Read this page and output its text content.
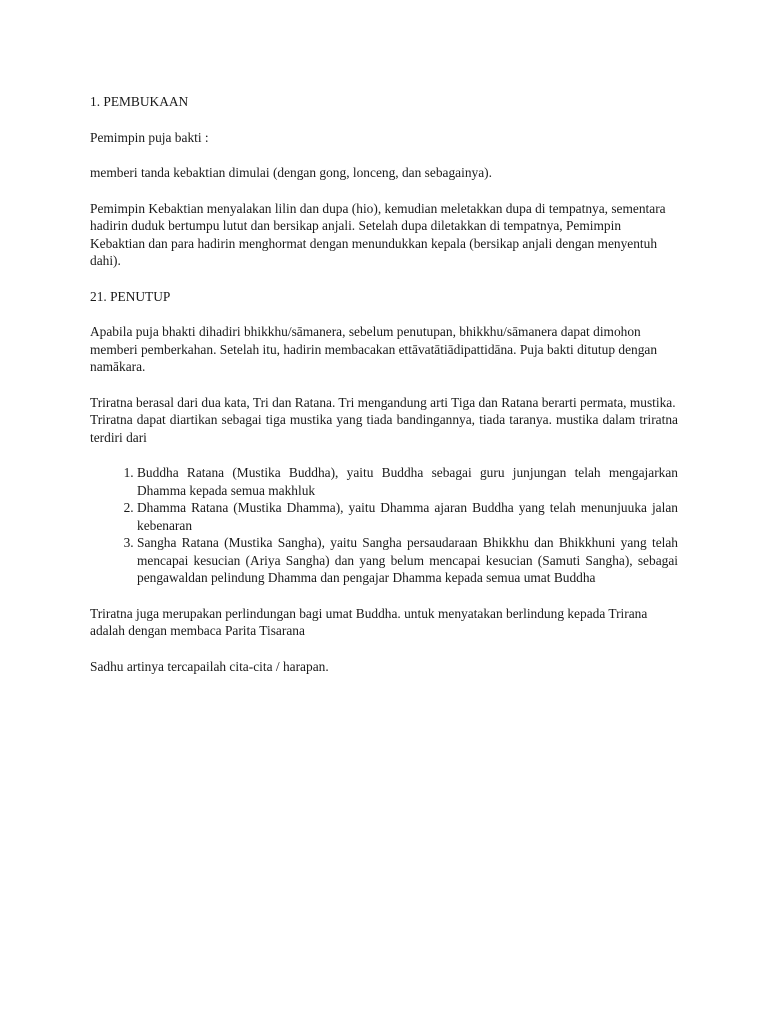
1. PEMBUKAAN

Pemimpin puja bakti :

memberi tanda kebaktian dimulai (dengan gong, lonceng, dan sebagainya).

Pemimpin Kebaktian menyalakan lilin dan dupa (hio), kemudian meletakkan dupa di tempatnya, sementara hadirin duduk bertumpu lutut dan bersikap anjali. Setelah dupa diletakkan di tempatnya, Pemimpin Kebaktian dan para hadirin menghormat dengan menundukkan kepala (bersikap anjali dengan menyentuh dahi).

21. PENUTUP

Apabila puja bhakti dihadiri bhikkhu/sāmanera, sebelum penutupan, bhikkhu/sāmanera dapat dimohon memberi pemberkahan. Setelah itu, hadirin membacakan ettāvatātiādipattidāna. Puja bakti ditutup dengan namākara.

Triratna berasal dari dua kata, Tri dan Ratana. Tri mengandung arti Tiga dan Ratana berarti permata, mustika.

Triratna dapat diartikan sebagai tiga mustika yang tiada bandingannya, tiada taranya. mustika dalam triratna terdiri dari

1. Buddha Ratana (Mustika Buddha), yaitu Buddha sebagai guru junjungan telah mengajarkan Dhamma kepada semua makhluk
2. Dhamma Ratana (Mustika Dhamma), yaitu Dhamma ajaran Buddha yang telah menunjuuka jalan kebenaran
3. Sangha Ratana (Mustika Sangha), yaitu Sangha persaudaraan Bhikkhu dan Bhikkhuni yang telah mencapai kesucian (Ariya Sangha) dan yang belum mencapai kesucian (Samuti Sangha), sebagai pengawaldan pelindung Dhamma dan pengajar Dhamma kepada semua umat Buddha

Triratna juga merupakan perlindungan bagi umat Buddha. untuk menyatakan berlindung kepada Trirana adalah dengan membaca Parita Tisarana

Sadhu artinya tercapailah cita-cita / harapan.
